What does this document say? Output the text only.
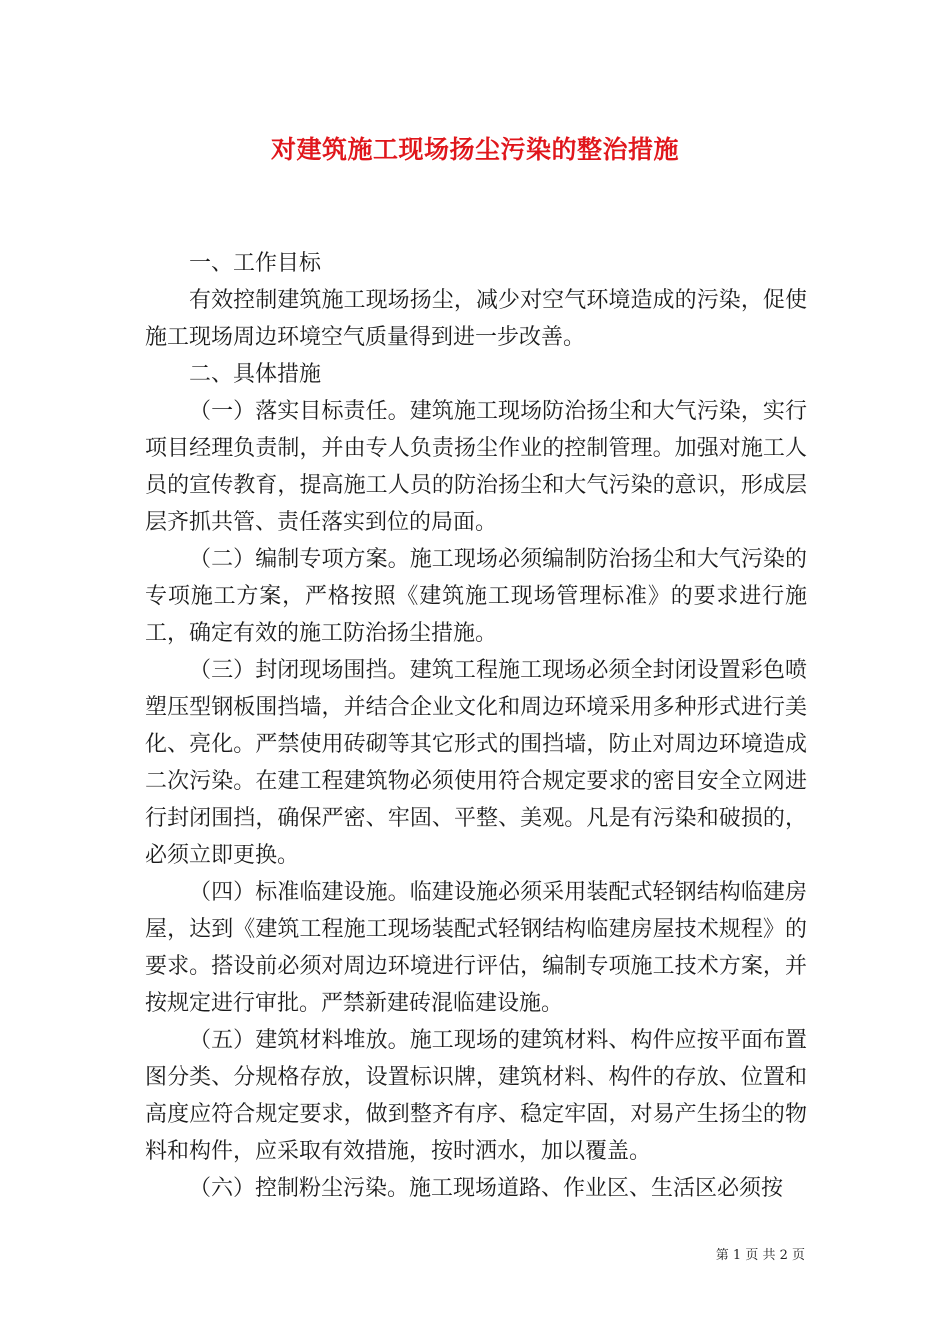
对建筑施工现场扬尘污染的整治措施

一、工作目标

有效控制建筑施工现场扬尘，减少对空气环境造成的污染，促使施工现场周边环境空气质量得到进一步改善。

二、具体措施

（一）落实目标责任。建筑施工现场防治扬尘和大气污染，实行项目经理负责制，并由专人负责扬尘作业的控制管理。加强对施工人员的宣传教育，提高施工人员的防治扬尘和大气污染的意识，形成层层齐抓共管、责任落实到位的局面。

（二）编制专项方案。施工现场必须编制防治扬尘和大气污染的专项施工方案，严格按照《建筑施工现场管理标准》的要求进行施工，确定有效的施工防治扬尘措施。

（三）封闭现场围挡。建筑工程施工现场必须全封闭设置彩色喷塑压型钢板围挡墙，并结合企业文化和周边环境采用多种形式进行美化、亮化。严禁使用砖砌等其它形式的围挡墙，防止对周边环境造成二次污染。在建工程建筑物必须使用符合规定要求的密目安全立网进行封闭围挡，确保严密、牢固、平整、美观。凡是有污染和破损的，必须立即更换。

（四）标准临建设施。临建设施必须采用装配式轻钢结构临建房屋，达到《建筑工程施工现场装配式轻钢结构临建房屋技术规程》的要求。搭设前必须对周边环境进行评估，编制专项施工技术方案，并按规定进行审批。严禁新建砖混临建设施。

（五）建筑材料堆放。施工现场的建筑材料、构件应按平面布置图分类、分规格存放，设置标识牌，建筑材料、构件的存放、位置和高度应符合规定要求，做到整齐有序、稳定牢固，对易产生扬尘的物料和构件，应采取有效措施，按时洒水，加以覆盖。

（六）控制粉尘污染。施工现场道路、作业区、生活区必须按

第 1 页 共 2 页
